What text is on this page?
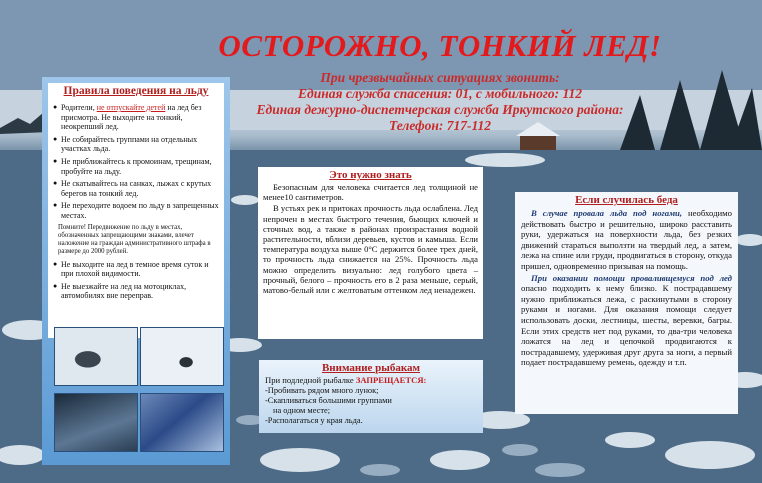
ОСТОРОЖНО, ТОНКИЙ ЛЕД!
При чрезвычайных ситуациях звонить:
Единая служба спасения: 01, с мобильного: 112
Единая дежурно-диспетчерская служба Иркутского района:
Телефон: 717-112
Правила поведения на льду
● Родители, не отпускайте детей на лед без присмотра. Не выходите на тонкий, неокрепший лед.
● Не собирайтесь группами на отдельных участках льда.
● Не приближайтесь к промоинам, трещинам, пробуйте на льду.
● Не скатывайтесь на санках, лыжах с крутых берегов на тонкий лед.
● Не переходите водоем по льду в запрещенных местах.
Помните! Передвижение по льду в местах, обозначенных запрещающими знаками, влечет наложение на граждан административного штрафа в размере до 2000 рублей.
● Не выходите на лед в темное время суток и при плохой видимости.
● Не выезжайте на лед на мотоциклах, автомобилях вне переправ.
Это нужно знать

Безопасным для человека считается лед толщиной не менее10 сантиметров.

В устьях рек и притоках прочность льда ослаблена. Лед непрочен в местах быстрого течения, бьющих ключей и сточных вод, а также в районах произрастания водной растительности, вблизи деревьев, кустов и камыша. Если температура воздуха выше 0°С держится более трех дней, то прочность льда снижается на 25%. Прочность льда можно определить визуально: лед голубого цвета – прочный, белого – прочность его в 2 раза меньше, серый, матово-белый или с желтоватым оттенком лед ненадежен.

Внимание рыбакам
При подледной рыбалке ЗАПРЕЩАЕТСЯ:
-Пробивать рядом много лунок;
-Скапливаться большими группами
на одном месте;
-Располагаться у края льда.
Если случилась беда

В случае провала льда под ногами, необходимо действовать быстро и решительно, широко расставить руки, удержаться на поверхности льда, без резких движений стараться выползти на твердый лед, а затем, лежа на спине или груди, продвигаться в сторону, откуда пришел, одновременно призывая на помощь.

При оказании помощи проваливщемуся под лед опасно подходить к нему близко. К пострадавшему нужно приближаться лежа, с раскинутыми в сторону руками и ногами. Для оказания помощи следует использовать доски, лестницы, шесты, веревки, багры. Если этих средств нет под руками, то два-три человека ложатся на лед и цепочкой продвигаются к пострадавшему, удерживая друг друга за ноги, а первый подает пострадавшему ремень, одежду и т.п.
